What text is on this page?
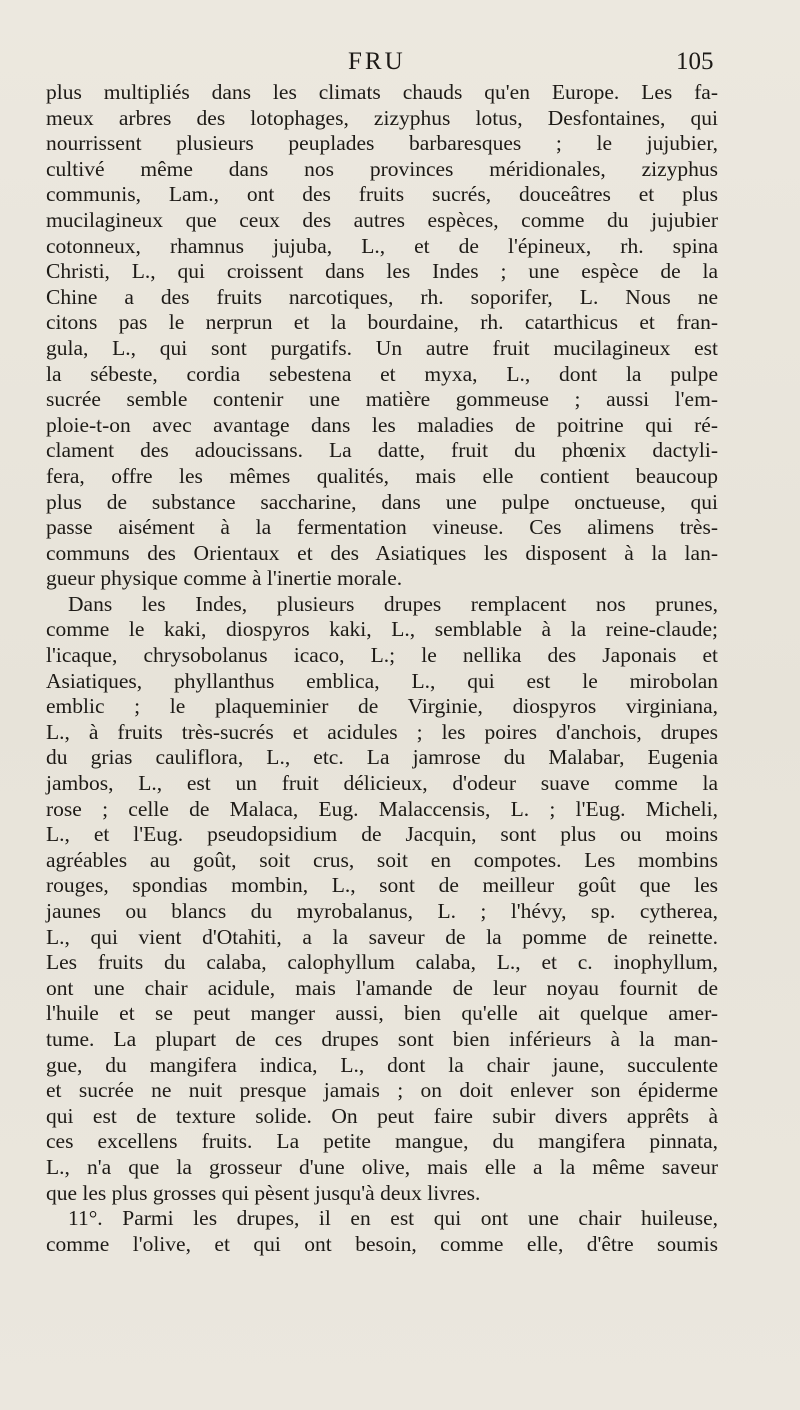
FRU	105
plus multipliés dans les climats chauds qu'en Europe. Les fa-
meux arbres des lotophages, zizyphus lotus, Desfontaines, qui
nourrissent plusieurs peuplades barbaresques ; le jujubier,
cultivé même dans nos provinces méridionales, zizyphus
communis, Lam., ont des fruits sucrés, douceâtres et plus
mucilagineux que ceux des autres espèces, comme du jujubier
cotonneux, rhamnus jujuba, L., et de l'épineux, rh. spina
Christi, L., qui croissent dans les Indes ; une espèce de la
Chine a des fruits narcotiques, rh. soporifer, L. Nous ne
citons pas le nerprun et la bourdaine, rh. catarthicus et fran-
gula, L., qui sont purgatifs. Un autre fruit mucilagineux est
la sébeste, cordia sebestena et myxa, L., dont la pulpe
sucrée semble contenir une matière gommeuse ; aussi l'em-
ploie-t-on avec avantage dans les maladies de poitrine qui ré-
clament des adoucissans. La datte, fruit du phœnix dactyli-
fera, offre les mêmes qualités, mais elle contient beaucoup
plus de substance saccharine, dans une pulpe onctueuse, qui
passe aisément à la fermentation vineuse. Ces alimens très-
communs des Orientaux et des Asiatiques les disposent à la lan-
gueur physique comme à l'inertie morale.
Dans les Indes, plusieurs drupes remplacent nos prunes,
comme le kaki, diospyros kaki, L., semblable à la reine-claude;
l'icaque, chrysobolanus icaco, L.; le nellika des Japonais et
Asiatiques, phyllanthus emblica, L., qui est le mirobolan
emblic ; le plaqueminier de Virginie, diospyros virginiana,
L., à fruits très-sucrés et acidules ; les poires d'anchois, drupes
du grias cauliflora, L., etc. La jamrose du Malabar, Eugenia
jambos, L., est un fruit délicieux, d'odeur suave comme la
rose ; celle de Malaca, Eug. Malaccensis, L. ; l'Eug. Micheli,
L., et l'Eug. pseudopsidium de Jacquin, sont plus ou moins
agréables au goût, soit crus, soit en compotes. Les mombins
rouges, spondias mombin, L., sont de meilleur goût que les
jaunes ou blancs du myrobalanus, L. ; l'hévy, sp. cytherea,
L., qui vient d'Otahiti, a la saveur de la pomme de reinette.
Les fruits du calaba, calophyllum calaba, L., et c. inophyllum,
ont une chair acidule, mais l'amande de leur noyau fournit de
l'huile et se peut manger aussi, bien qu'elle ait quelque amer-
tume. La plupart de ces drupes sont bien inférieurs à la man-
gue, du mangifera indica, L., dont la chair jaune, succulente
et sucrée ne nuit presque jamais ; on doit enlever son épiderme
qui est de texture solide. On peut faire subir divers apprêts à
ces excellens fruits. La petite mangue, du mangifera pinnata,
L., n'a que la grosseur d'une olive, mais elle a la même saveur
que les plus grosses qui pèsent jusqu'à deux livres.
11°. Parmi les drupes, il en est qui ont une chair huileuse,
comme l'olive, et qui ont besoin, comme elle, d'être soumis
